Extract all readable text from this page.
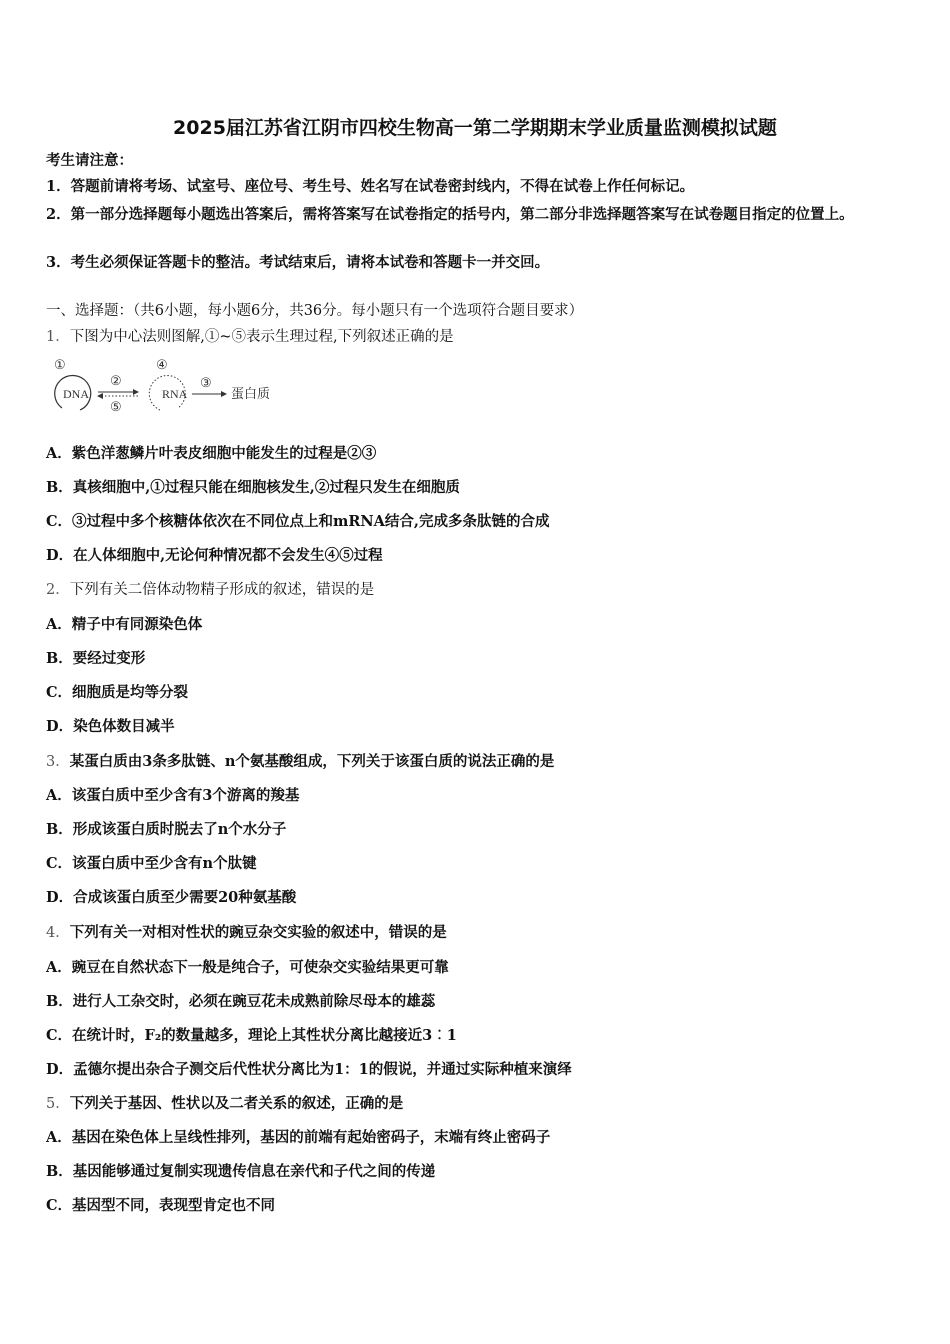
2025届江苏省江阴市四校生物高一第二学期期末学业质量监测模拟试题
考生请注意：
1．答题前请将考场、试室号、座位号、考生号、姓名写在试卷密封线内，不得在试卷上作任何标记。
2．第一部分选择题每小题选出答案后，需将答案写在试卷指定的括号内，第二部分非选择题答案写在试卷题目指定的位置上。
3．考生必须保证答题卡的整洁。考试结束后，请将本试卷和答题卡一并交回。
一、选择题：（共6小题，每小题6分，共36分。每小题只有一个选项符合题目要求）
1．下图为中心法则图解,①~⑤表示生理过程,下列叙述正确的是
①
DNA
②
⑤
④
RNA
③
蛋白质
A．紫色洋葱鳞片叶表皮细胞中能发生的过程是②③
B．真核细胞中,①过程只能在细胞核发生,②过程只发生在细胞质
C．③过程中多个核糖体依次在不同位点上和mRNA结合,完成多条肽链的合成
D．在人体细胞中,无论何种情况都不会发生④⑤过程
2．下列有关二倍体动物精子形成的叙述，错误的是
A．精子中有同源染色体
B．要经过变形
C．细胞质是均等分裂
D．染色体数目减半
3．某蛋白质由3条多肽链、n个氨基酸组成，下列关于该蛋白质的说法正确的是
A．该蛋白质中至少含有3个游离的羧基
B．形成该蛋白质时脱去了n个水分子
C．该蛋白质中至少含有n个肽键
D．合成该蛋白质至少需要20种氨基酸
4．下列有关一对相对性状的豌豆杂交实验的叙述中，错误的是
A．豌豆在自然状态下一般是纯合子，可使杂交实验结果更可靠
B．进行人工杂交时，必须在豌豆花未成熟前除尽母本的雄蕊
C．在统计时，F₂的数量越多，理论上其性状分离比越接近3︰1
D．孟德尔提出杂合子测交后代性状分离比为1：1的假说，并通过实际种植来演绎
5．下列关于基因、性状以及二者关系的叙述，正确的是
A．基因在染色体上呈线性排列，基因的前端有起始密码子，末端有终止密码子
B．基因能够通过复制实现遗传信息在亲代和子代之间的传递
C．基因型不同，表现型肯定也不同
